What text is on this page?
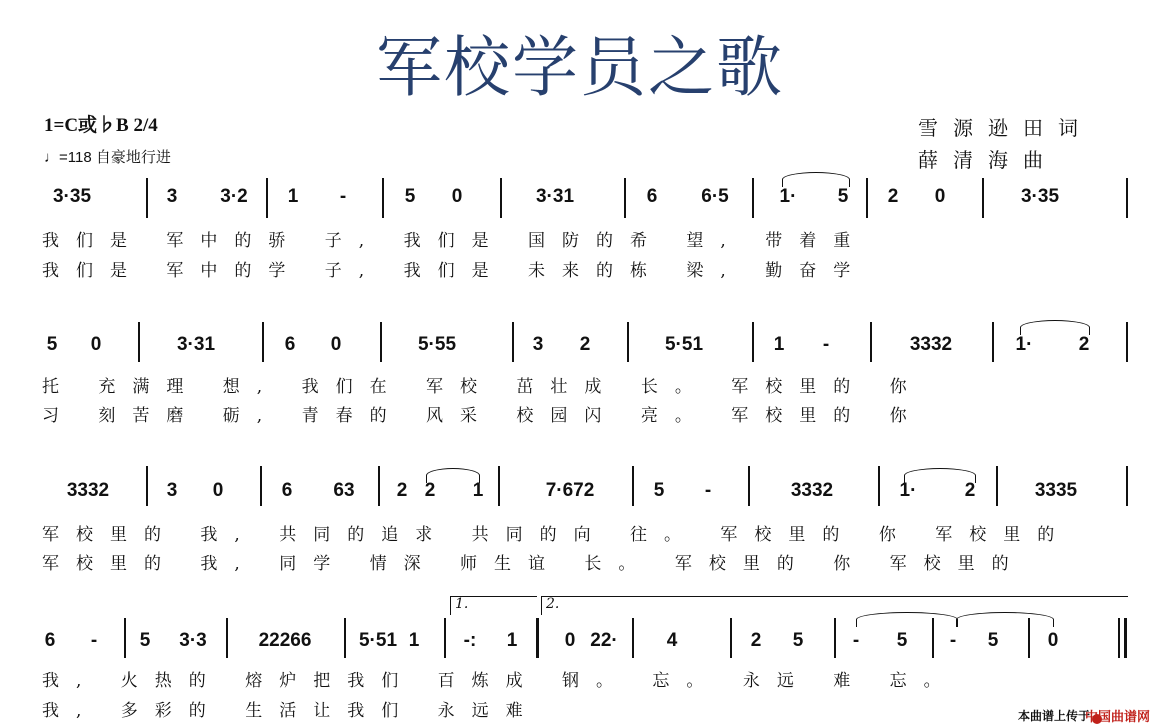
军校学员之歌
1=C或♭B 2/4
♩=118 自豪地行进
雪源逊田词
薛清海曲
3·35	3 3·2 1 -	5 0	3·31	6 6·5	1· 5 2 0	3·35
我们是 军中的骄 子, 我们是 国防的希 望, 带着重
我们是 军中的学 子, 我们是 未来的栋 梁, 勤奋学
5 0	3·31	6 0	5·55	3 2	5·51	1 -	3332	1· 2
托 充满理 想, 我们在 军校 茁壮成 长。 军校里的 你
习 刻苦磨 砺, 青春的 风采 校园闪 亮。 军校里的 你
3332	3 0	6 63 2 2 1	7·672	5 -	3332	1·	2	3335
军校里的 我, 共同的追求 共同的向 往。 军校里的 你 军校里的
军校里的 我, 同学 情深 师生谊 长。 军校里的 你 军校里的
1.	2.
6 - 5 3·3	22266	5·51 1 -: 1 0 22·	4	2 5	- 5 - 5	0
我, 火热的 熔炉把我们 百炼成 钢。 忘。 永远 难 忘。
我, 多彩的 生活让我们 永远难	本曲谱上传于
中国曲谱网
